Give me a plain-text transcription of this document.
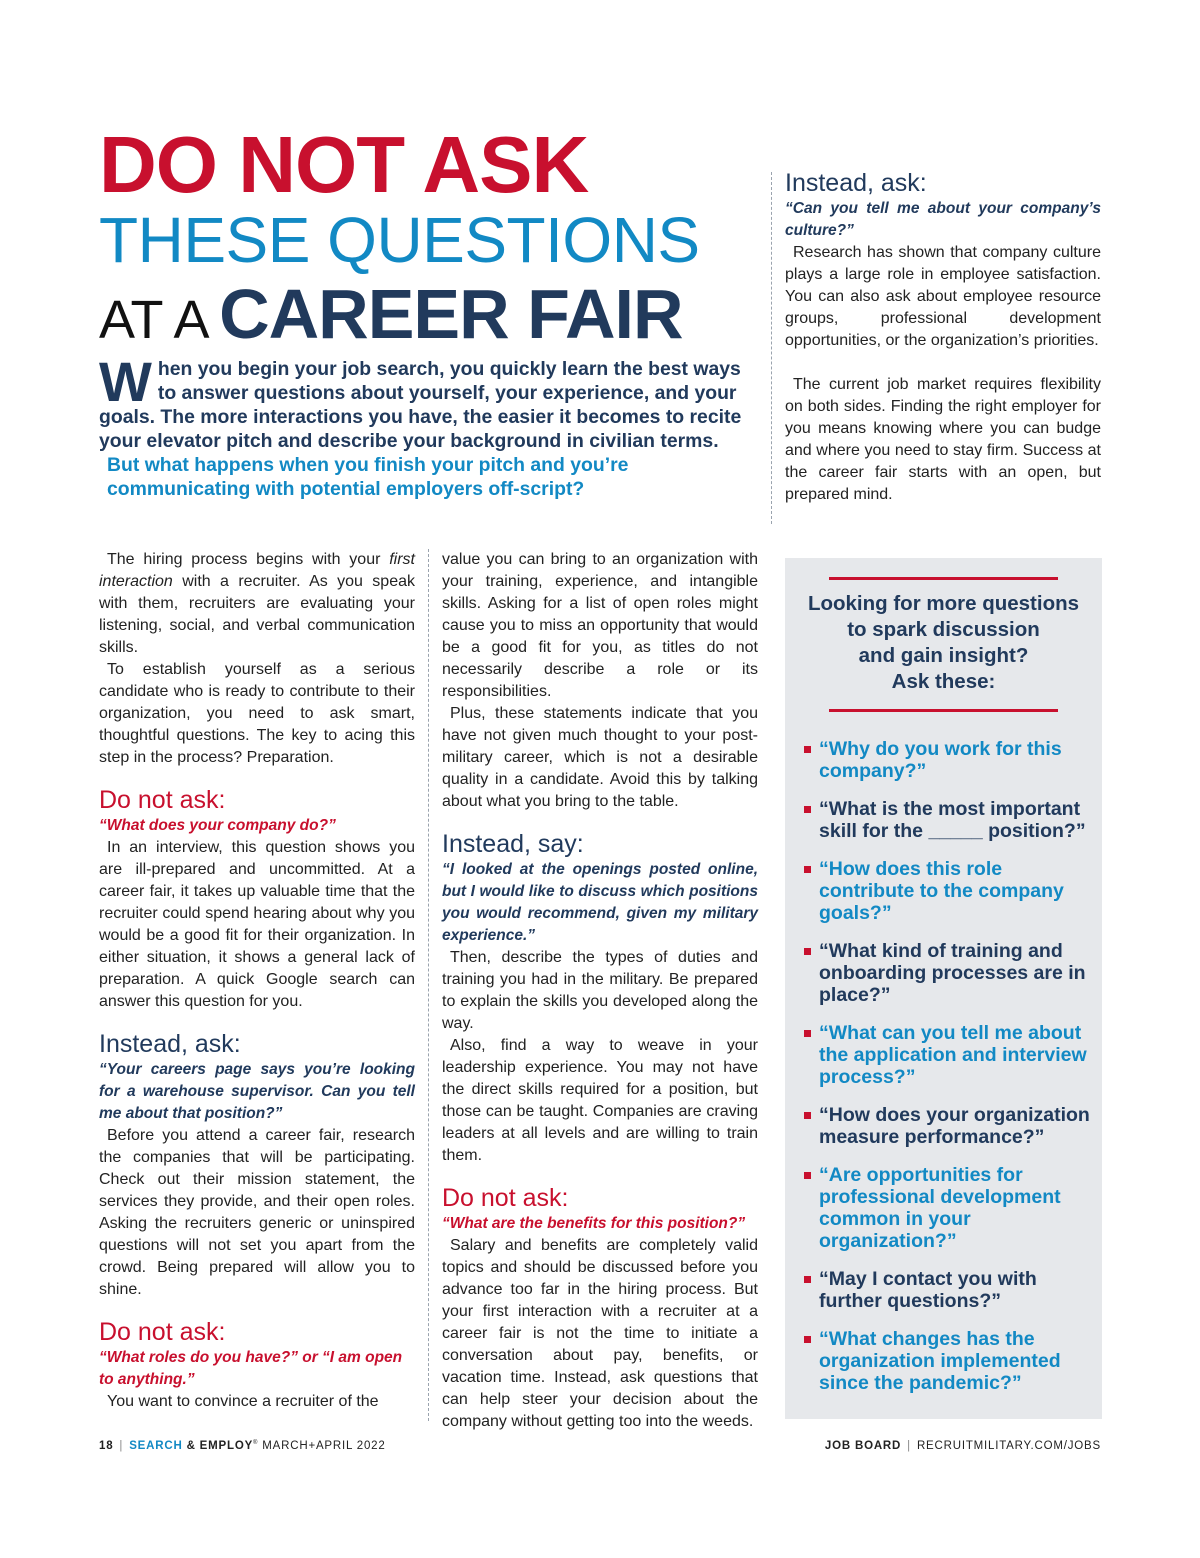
DO NOT ASK
THESE QUESTIONS
AT A CAREER FAIR
When you begin your job search, you quickly learn the best ways to answer questions about yourself, your experience, and your goals. The more interactions you have, the easier it becomes to recite your elevator pitch and describe your background in civilian terms.
But what happens when you finish your pitch and you’re communicating with potential employers off-script?

The hiring process begins with your first interaction with a recruiter. As you speak with them, recruiters are evaluating your listening, social, and verbal communication skills.

To establish yourself as a serious candidate who is ready to contribute to their organization, you need to ask smart, thoughtful questions. The key to acing this step in the process? Preparation.

Do not ask:
“What does your company do?”

In an interview, this question shows you are ill-prepared and uncommitted. At a career fair, it takes up valuable time that the recruiter could spend hearing about why you would be a good fit for their organization. In either situation, it shows a general lack of preparation. A quick Google search can answer this question for you.

Instead, ask:
“Your careers page says you’re looking for a warehouse supervisor. Can you tell me about that position?”

Before you attend a career fair, research the companies that will be participating. Check out their mission statement, the services they provide, and their open roles. Asking the recruiters generic or uninspired questions will not set you apart from the crowd. Being prepared will allow you to shine.

Do not ask:
“What roles do you have?” or “I am open to anything.”

You want to convince a recruiter of the

value you can bring to an organization with your training, experience, and intangible skills. Asking for a list of open roles might cause you to miss an opportunity that would be a good fit for you, as titles do not necessarily describe a role or its responsibilities.

Plus, these statements indicate that you have not given much thought to your post-military career, which is not a desirable quality in a candidate. Avoid this by talking about what you bring to the table.

Instead, say:
“I looked at the openings posted online, but I would like to discuss which positions you would recommend, given my military experience.”

Then, describe the types of duties and training you had in the military. Be prepared to explain the skills you developed along the way.

Also, find a way to weave in your leadership experience. You may not have the direct skills required for a position, but those can be taught. Companies are craving leaders at all levels and are willing to train them.

Do not ask:
“What are the benefits for this position?”

Salary and benefits are completely valid topics and should be discussed before you advance too far in the hiring process. But your first interaction with a recruiter at a career fair is not the time to initiate a conversation about pay, benefits, or vacation time. Instead, ask questions that can help steer your decision about the company without getting too into the weeds.

Instead, ask:
“Can you tell me about your company’s culture?”

Research has shown that company culture plays a large role in employee satisfaction. You can also ask about employee resource groups, professional development opportunities, or the organization’s priorities.

The current job market requires flexibility on both sides. Finding the right employer for you means knowing where you can budge and where you need to stay firm. Success at the career fair starts with an open, but prepared mind.

Looking for more questions
to spark discussion
and gain insight?
Ask these:
“Why do you work for this company?”
“What is the most important skill for the _____ position?”
“How does this role contribute to the company goals?”
“What kind of training and onboarding processes are in place?”
“What can you tell me about the application and interview process?”
“How does your organization measure performance?”
“Are opportunities for professional development common in your organization?”
“May I contact you with further questions?”
“What changes has the organization implemented since the pandemic?”
18 | SEARCH & EMPLOY® MARCH+APRIL 2022	JOB BOARD | RECRUITMILITARY.COM/JOBS
